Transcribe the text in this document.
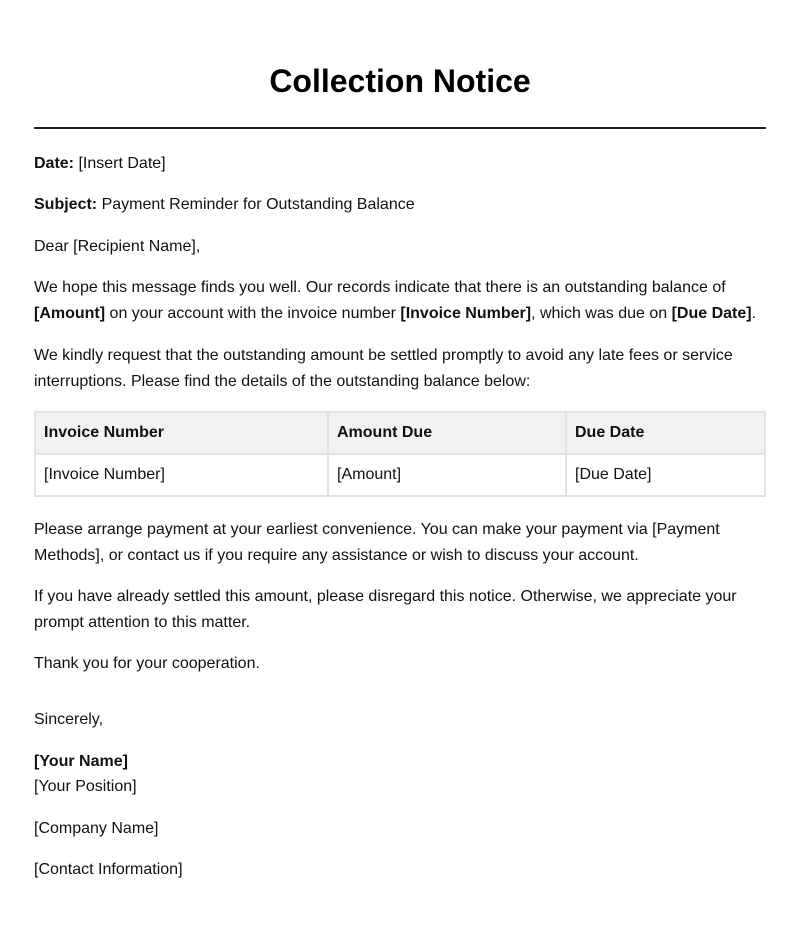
Collection Notice

Date: [Insert Date]

Subject: Payment Reminder for Outstanding Balance

Dear [Recipient Name],

We hope this message finds you well. Our records indicate that there is an outstanding balance of [Amount] on your account with the invoice number [Invoice Number], which was due on [Due Date].

We kindly request that the outstanding amount be settled promptly to avoid any late fees or service interruptions. Please find the details of the outstanding balance below:

Invoice Number	Amount Due	Due Date
[Invoice Number]	[Amount]	[Due Date]

Please arrange payment at your earliest convenience. You can make your payment via [Payment Methods], or contact us if you require any assistance or wish to discuss your account.

If you have already settled this amount, please disregard this notice. Otherwise, we appreciate your prompt attention to this matter.

Thank you for your cooperation.

Sincerely,

[Your Name]

[Your Position]

[Company Name]

[Contact Information]
